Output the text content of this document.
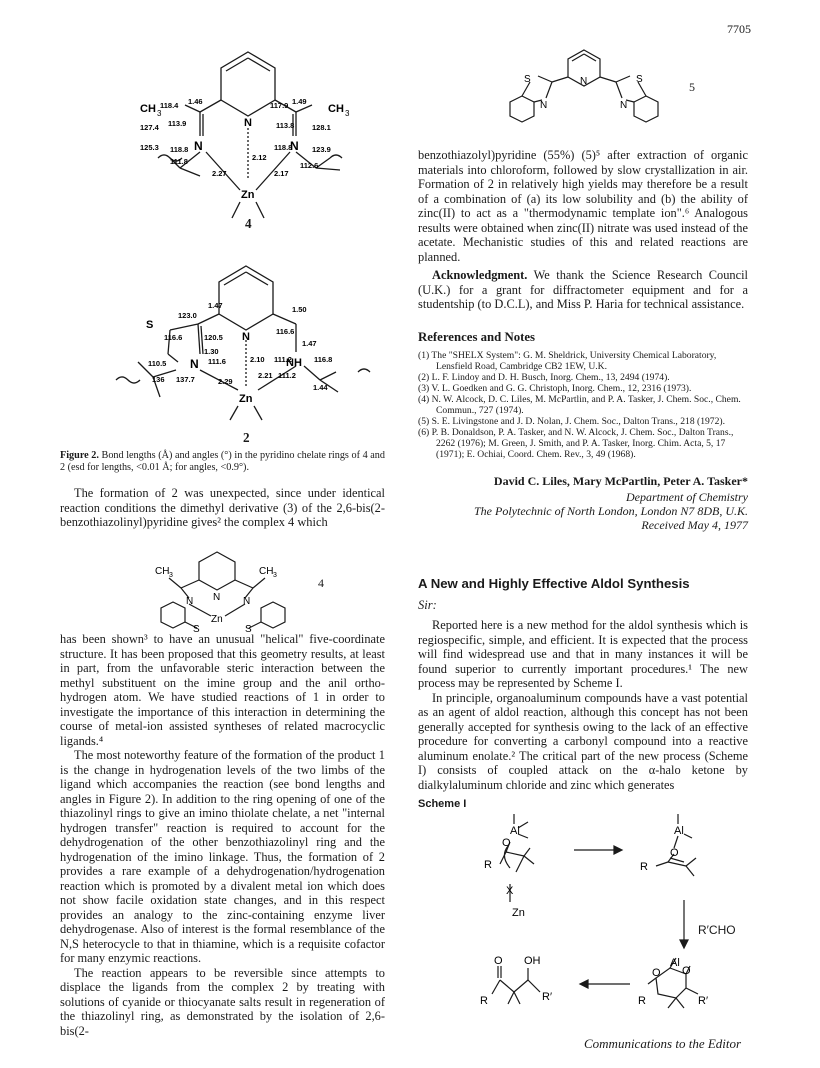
7705
CH 3	CH 3
N
N	N
Zn
118.4	117.9
127.4	128.1
113.9	113.8
125.3	123.9
118.8	118.8
111.8	112.6
1.46	1.49
2.12
2.27	2.17
4
S
N
N	NH
Zn
123.0
1.47
116.6	120.5
1.50
116.6
110.5	111.6	111.2	116.8
136 137.7	111.2
1.44
2.29
2.21
2.10
1.47
1.30
2
Figure 2. Bond lengths (Å) and angles (°) in the pyridino chelate rings of 4 and 2 (esd for lengths, <0.01 Å; for angles, <0.9°).

The formation of 2 was unexpected, since under identical reaction conditions the dimethyl derivative (3) of the 2,6-bis(2-benzothiazolinyl)pyridine gives² the complex 4 which

CH 3	CH 3
N
N	N
Zn
S	S
4

has been shown³ to have an unusual "helical" five-coordinate structure. It has been proposed that this geometry results, at least in part, from the unfavorable steric interaction between the methyl substituent on the imine group and the anil ortho-hydrogen atom. We have studied reactions of 1 in order to investigate the importance of this interaction in determining the course of metal-ion assisted syntheses of related macrocyclic ligands.⁴

The most noteworthy feature of the formation of the product 1 is the change in hydrogenation levels of the two limbs of the ligand which accompanies the reaction (see bond lengths and angles in Figure 2). In addition to the ring opening of one of the thiazolinyl rings to give an imino thiolate chelate, a net "internal hydrogen transfer" reaction is required to account for the dehydrogenation of the other benzothiazolinyl ring and the hydrogenation of the imino linkage. Thus, the formation of 2 provides a rare example of a dehydrogenation/hydrogenation reaction which is promoted by a divalent metal ion which does not show facile oxidation state changes, and in this respect provides an analogy to the zinc-containing enzyme liver dehydrogenase. Also of interest is the formal resemblance of the N,S heterocycle to that in thiamine, which is a requisite cofactor for many enzymic reactions.

The reaction appears to be reversible since attempts to displace the ligands from the complex 2 by treating with solutions of cyanide or thiocyanate salts result in regeneration of the thiazolinyl ring, as demonstrated by the isolation of 2,6-bis(2-

S	N	S
N	N
5

benzothiazolyl)pyridine (55%) (5)⁵ after extraction of organic materials into chloroform, followed by slow crystallization in air. Formation of 2 in relatively high yields may therefore be a result of a combination of (a) its low solubility and (b) the ability of zinc(II) to act as a "thermodynamic template ion".⁶ Analogous results were obtained when zinc(II) nitrate was used instead of the acetate. Mechanistic studies of this and related reactions are planned.

Acknowledgment. We thank the Science Research Council (U.K.) for a grant for diffractometer equipment and for a studentship (to D.C.L), and Miss P. Haria for technical assistance.

References and Notes
(1) The "SHELX System": G. M. Sheldrick, University Chemical Laboratory, Lensfield Road, Cambridge CB2 1EW, U.K.
(2) L. F. Lindoy and D. H. Busch, Inorg. Chem., 13, 2494 (1974).
(3) V. L. Goedken and G. G. Christoph, Inorg. Chem., 12, 2316 (1973).
(4) N. W. Alcock, D. C. Liles, M. McPartlin, and P. A. Tasker, J. Chem. Soc., Chem. Commun., 727 (1974).
(5) S. E. Livingstone and J. D. Nolan, J. Chem. Soc., Dalton Trans., 218 (1972).
(6) P. B. Donaldson, P. A. Tasker, and N. W. Alcock, J. Chem. Soc., Dalton Trans., 2262 (1976); M. Green, J. Smith, and P. A. Tasker, Inorg. Chim. Acta, 5, 17 (1971); E. Ochiai, Coord. Chem. Rev., 3, 49 (1968).
David C. Liles, Mary McPartlin, Peter A. Tasker*
Department of Chemistry
The Polytechnic of North London, London N7 8DB, U.K.
Received May 4, 1977
A New and Highly Effective Aldol Synthesis
Sir:

Reported here is a new method for the aldol synthesis which is regiospecific, simple, and efficient. It is expected that the process will find widespread use and that in many instances it will be found superior to currently important procedures.¹ The new process may be represented by Scheme I.

In principle, organoaluminum compounds have a vast potential as an agent of aldol reaction, although this concept has not been generally accepted for synthesis owing to the lack of an effective procedure for converting a carbonyl compound into a reactive aluminum enolate.² The critical part of the new process (Scheme I) consists of coupled attack on the α-halo ketone by dialkylaluminum chloride and zinc which generates

Scheme I
Al
O
R
X
Zn
Al
O
R
Al
O O
R	R′
O OH
R	R′
R′CHO
Communications to the Editor
